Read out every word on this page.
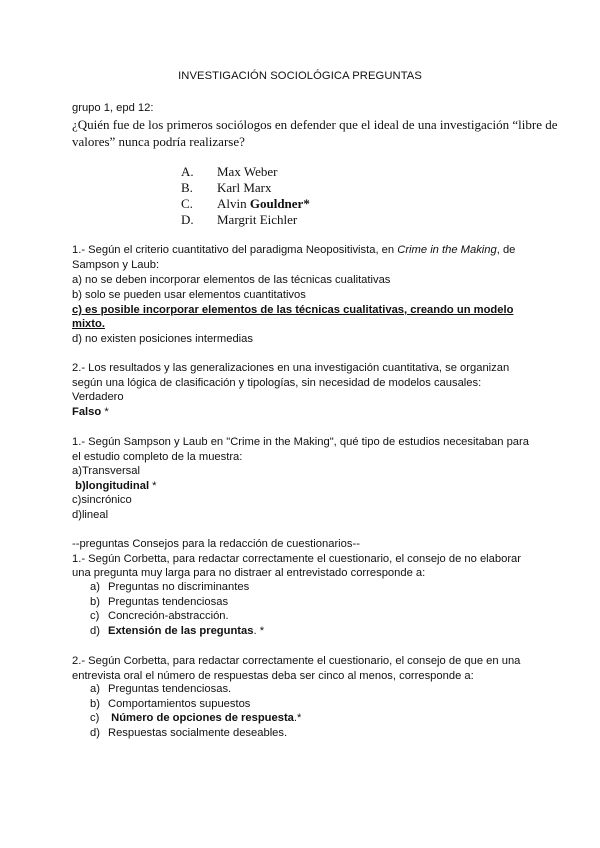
INVESTIGACIÓN SOCIOLÓGICA PREGUNTAS
grupo 1, epd 12:
¿Quién fue de los primeros sociólogos en defender que el ideal de una investigación “libre de
valores” nunca podría realizarse?
A. Max Weber
B. Karl Marx
C. Alvin Gouldner*
D. Margrit Eichler
1.- Según el criterio cuantitativo del paradigma Neopositivista, en Crime in the Making, de
Sampson y Laub:
a) no se deben incorporar elementos de las técnicas cualitativas
b) solo se pueden usar elementos cuantitativos
c) es posible incorporar elementos de las técnicas cualitativas, creando un modelo
mixto.
d) no existen posiciones intermedias
2.- Los resultados y las generalizaciones en una investigación cuantitativa, se organizan
según una lógica de clasificación y tipologías, sin necesidad de modelos causales:
Verdadero
Falso *
1.- Según Sampson y Laub en "Crime in the Making", qué tipo de estudios necesitaban para
el estudio completo de la muestra:
a)Transversal
b)longitudinal *
c)sincrónico
d)lineal
--preguntas Consejos para la redacción de cuestionarios--
1.- Según Corbetta, para redactar correctamente el cuestionario, el consejo de no elaborar
una pregunta muy larga para no distraer al entrevistado corresponde a:
a) Preguntas no discriminantes
b) Preguntas tendenciosas
c) Concreción-abstracción.
d) Extensión de las preguntas. *
2.- Según Corbetta, para redactar correctamente el cuestionario, el consejo de que en una
entrevista oral el número de respuestas deba ser cinco al menos, corresponde a:
a) Preguntas tendenciosas.
b) Comportamientos supuestos
c) Número de opciones de respuesta.*
d) Respuestas socialmente deseables.
